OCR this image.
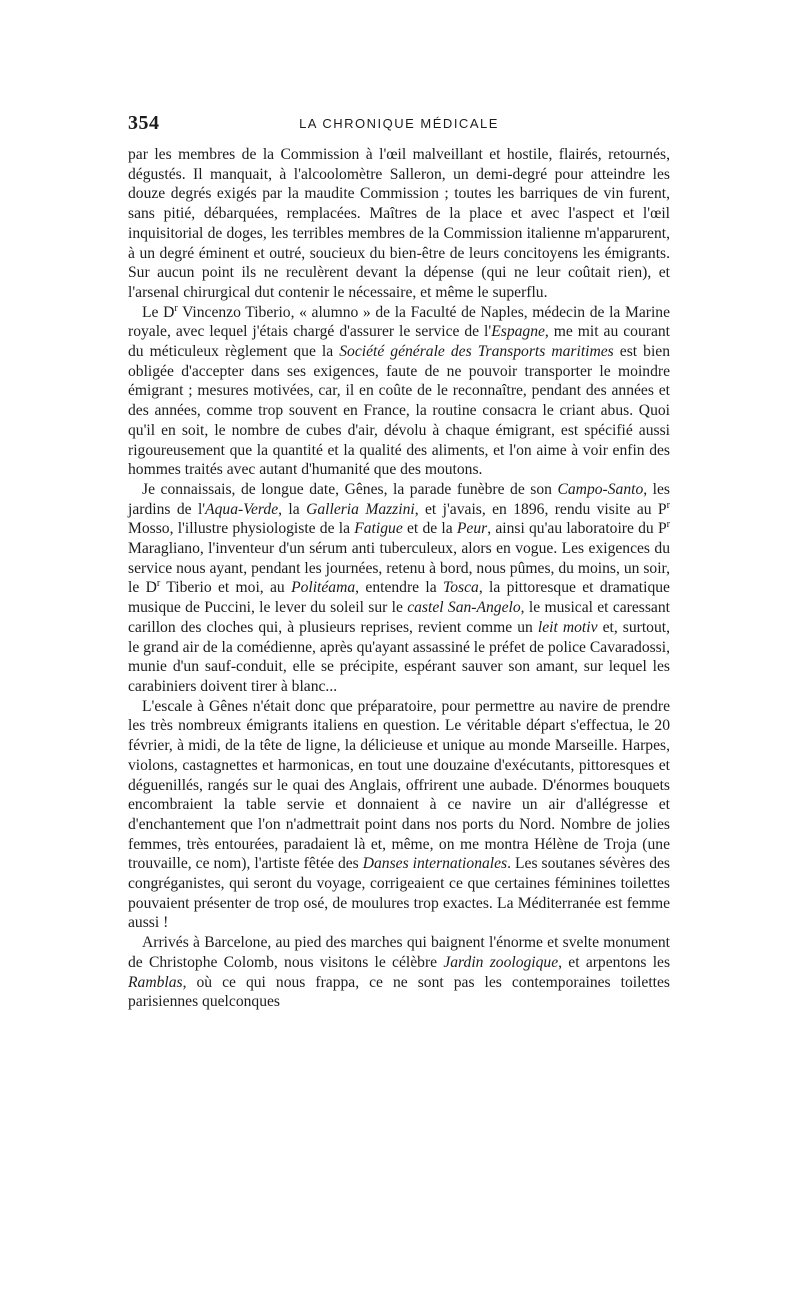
354	LA CHRONIQUE MÉDICALE

par les membres de la Commission à l'œil malveillant et hostile, flairés, retournés, dégustés. Il manquait, à l'alcoolomètre Salleron, un demi-degré pour atteindre les douze degrés exigés par la maudite Commission ; toutes les barriques de vin furent, sans pitié, débarquées, remplacées. Maîtres de la place et avec l'aspect et l'œil inquisitorial de doges, les terribles membres de la Commission italienne m'apparurent, à un degré éminent et outré, soucieux du bien-être de leurs concitoyens les émigrants. Sur aucun point ils ne reculèrent devant la dépense (qui ne leur coûtait rien), et l'arsenal chirurgical dut contenir le nécessaire, et même le superflu.

Le $D^r$ Vincenzo Tiberio, « alumno » de la Faculté de Naples, médecin de la Marine royale, avec lequel j'étais chargé d'assurer le service de l'Espagne, me mit au courant du méticuleux règlement que la Société générale des Transports maritimes est bien obligée d'accepter dans ses exigences, faute de ne pouvoir transporter le moindre émigrant ; mesures motivées, car, il en coûte de le reconnaître, pendant des années et des années, comme trop souvent en France, la routine consacra le criant abus. Quoi qu'il en soit, le nombre de cubes d'air, dévolu à chaque émigrant, est spécifié aussi rigoureusement que la quantité et la qualité des aliments, et l'on aime à voir enfin des hommes traités avec autant d'humanité que des moutons.

Je connaissais, de longue date, Gênes, la parade funèbre de son Campo-Santo, les jardins de l'Aqua-Verde, la Galleria Mazzini, et j'avais, en 1896, rendu visite au $P^r$ Mosso, l'illustre physiologiste de la Fatigue et de la Peur, ainsi qu'au laboratoire du $P^r$ Maragliano, l'inventeur d'un sérum anti tuberculeux, alors en vogue. Les exigences du service nous ayant, pendant les journées, retenu à bord, nous pûmes, du moins, un soir, le $D^r$ Tiberio et moi, au Politéama, entendre la Tosca, la pittoresque et dramatique musique de Puccini, le lever du soleil sur le castel San-Angelo, le musical et caressant carillon des cloches qui, à plusieurs reprises, revient comme un leit motiv et, surtout, le grand air de la comédienne, après qu'ayant assassiné le préfet de police Cavaradossi, munie d'un sauf-conduit, elle se précipite, espérant sauver son amant, sur lequel les carabiniers doivent tirer à blanc...

L'escale à Gênes n'était donc que préparatoire, pour permettre au navire de prendre les très nombreux émigrants italiens en question. Le véritable départ s'effectua, le 20 février, à midi, de la tête de ligne, la délicieuse et unique au monde Marseille. Harpes, violons, castagnettes et harmonicas, en tout une douzaine d'exécutants, pittoresques et déguenillés, rangés sur le quai des Anglais, offrirent une aubade. D'énormes bouquets encombraient la table servie et donnaient à ce navire un air d'allégresse et d'enchantement que l'on n'admettrait point dans nos ports du Nord. Nombre de jolies femmes, très entourées, paradaient là et, même, on me montra Hélène de Troja (une trouvaille, ce nom), l'artiste fêtée des Danses internationales. Les soutanes sévères des congréganistes, qui seront du voyage, corrigeaient ce que certaines féminines toilettes pouvaient présenter de trop osé, de moulures trop exactes. La Méditerranée est femme aussi !

Arrivés à Barcelone, au pied des marches qui baignent l'énorme et svelte monument de Christophe Colomb, nous visitons le célèbre Jardin zoologique, et arpentons les Ramblas, où ce qui nous frappa, ce ne sont pas les contemporaines toilettes parisiennes quelconques
